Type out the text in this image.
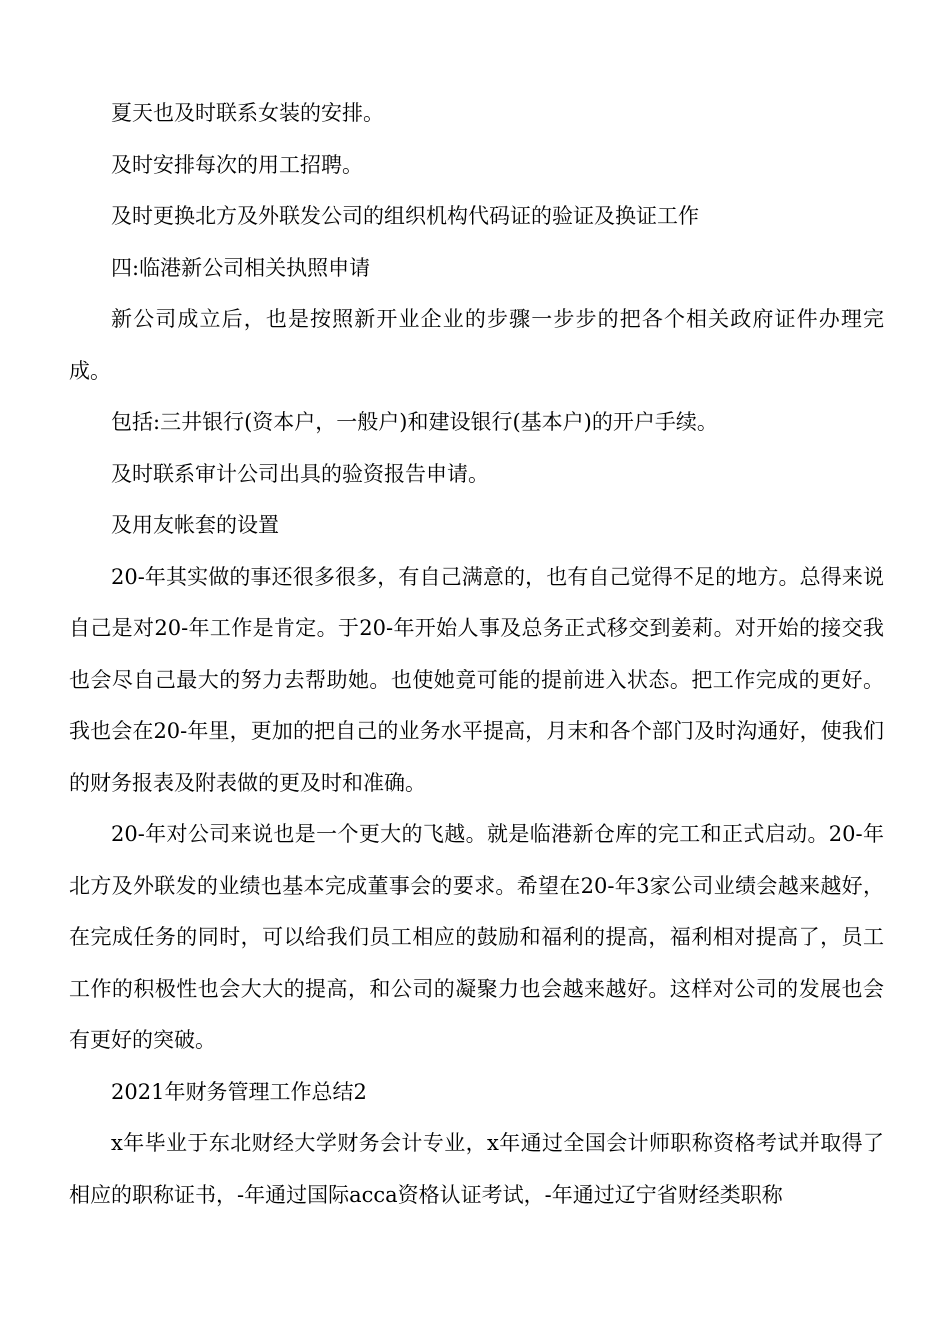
夏天也及时联系女装的安排。

及时安排每次的用工招聘。

及时更换北方及外联发公司的组织机构代码证的验证及换证工作

四:临港新公司相关执照申请

新公司成立后，也是按照新开业企业的步骤一步步的把各个相关政府证件办理完成。

包括:三井银行(资本户，一般户)和建设银行(基本户)的开户手续。

及时联系审计公司出具的验资报告申请。

及用友帐套的设置

20-年其实做的事还很多很多，有自己满意的，也有自己觉得不足的地方。总得来说自己是对20-年工作是肯定。于20-年开始人事及总务正式移交到姜莉。对开始的接交我也会尽自己最大的努力去帮助她。也使她竟可能的提前进入状态。把工作完成的更好。我也会在20-年里，更加的把自己的业务水平提高，月末和各个部门及时沟通好，使我们的财务报表及附表做的更及时和准确。

20-年对公司来说也是一个更大的飞越。就是临港新仓库的完工和正式启动。20-年北方及外联发的业绩也基本完成董事会的要求。希望在20-年3家公司业绩会越来越好，在完成任务的同时，可以给我们员工相应的鼓励和福利的提高，福利相对提高了，员工工作的积极性也会大大的提高，和公司的凝聚力也会越来越好。这样对公司的发展也会有更好的突破。

2021年财务管理工作总结2

x年毕业于东北财经大学财务会计专业，x年通过全国会计师职称资格考试并取得了相应的职称证书，-年通过国际acca资格认证考试，-年通过辽宁省财经类职称
